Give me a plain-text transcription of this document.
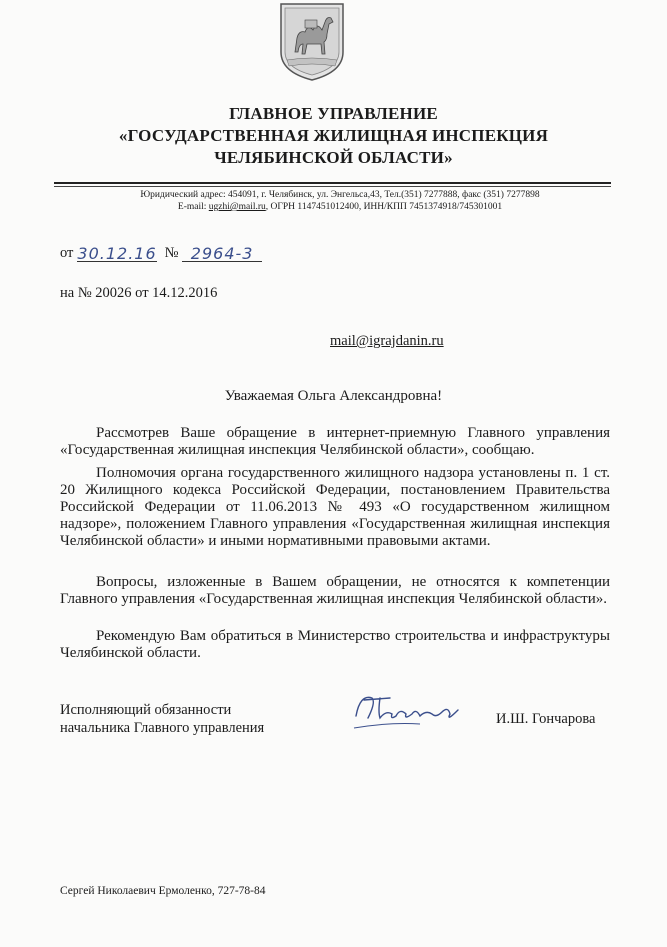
ГЛАВНОЕ УПРАВЛЕНИЕ
«ГОСУДАРСТВЕННАЯ ЖИЛИЩНАЯ ИНСПЕКЦИЯ
ЧЕЛЯБИНСКОЙ ОБЛАСТИ»
Юридический адрес: 454091, г. Челябинск, ул. Энгельса,43, Тел.(351) 7277888, факс (351) 7277898
E-mail: ugzhi@mail.ru, ОГРН 1147451012400, ИНН/КПП 7451374918/745301001
от 30.12.16 № 2964-3
на № 20026 от 14.12.2016
mail@igrajdanin.ru
Уважаемая Ольга Александровна!
Рассмотрев Ваше обращение в интернет-приемную Главного управления «Государственная жилищная инспекция Челябинской области», сообщаю.
Полномочия органа государственного жилищного надзора установлены п. 1 ст. 20 Жилищного кодекса Российской Федерации, постановлением Правительства Российской Федерации от 11.06.2013 № 493 «О государственном жилищном надзоре», положением Главного управления «Государственная жилищная инспекция Челябинской области» и иными нормативными правовыми актами.
Вопросы, изложенные в Вашем обращении, не относятся к компетенции Главного управления «Государственная жилищная инспекция Челябинской области».
Рекомендую Вам обратиться в Министерство строительства и инфраструктуры Челябинской области.
Исполняющий обязанности
начальника Главного управления
И.Ш. Гончарова
Сергей Николаевич Ермоленко, 727-78-84
